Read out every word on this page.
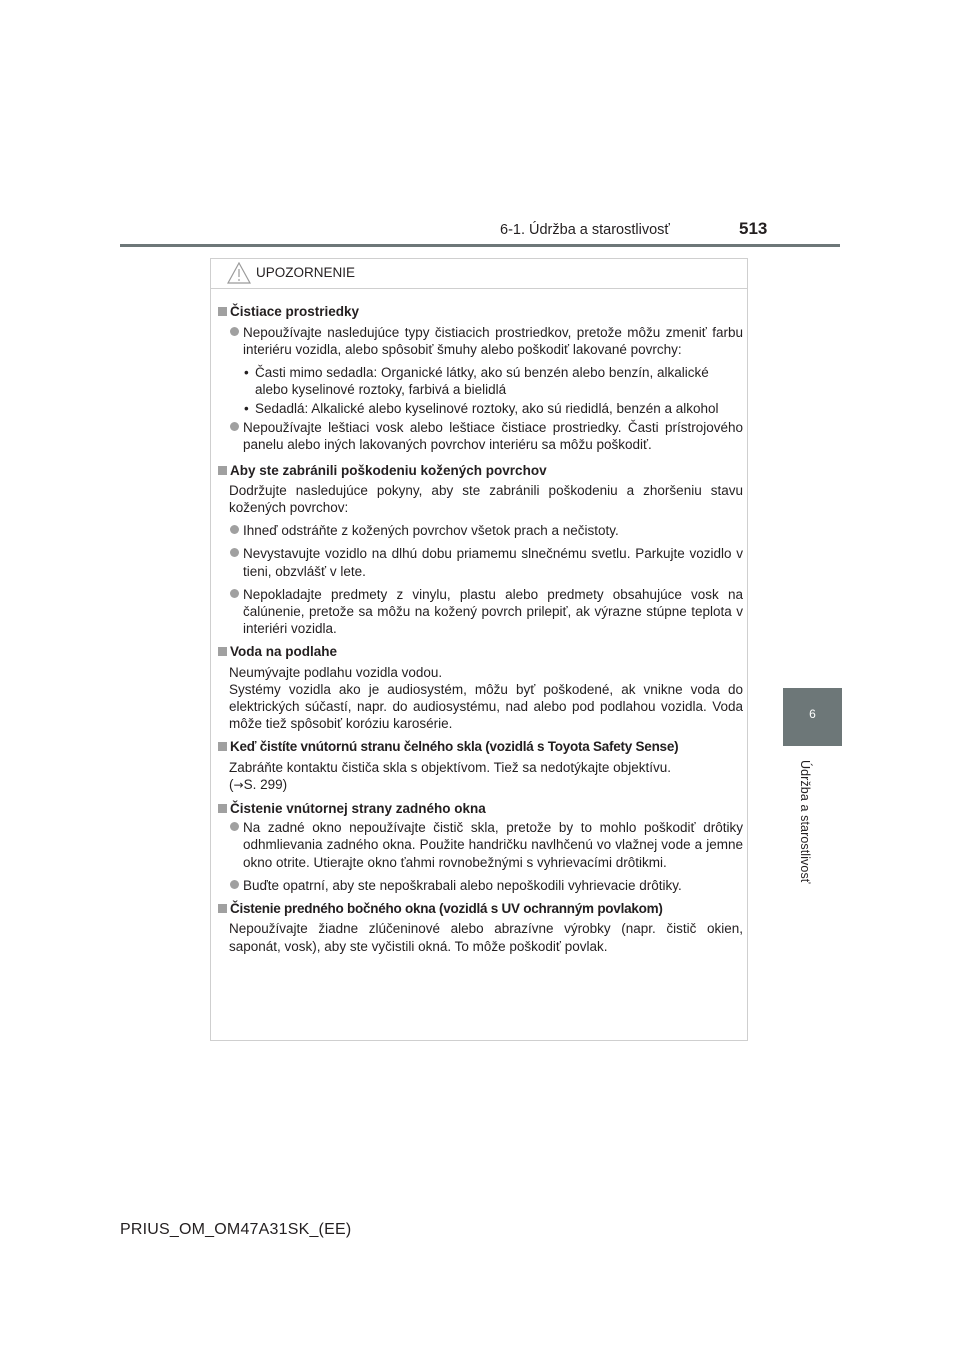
6-1. Údržba a starostlivosť	513
6
Údržba a starostlivosť
UPOZORNENIE
Čistiace prostriedky
Nepoužívajte nasledujúce typy čistiacich prostriedkov, pretože môžu zmeniť farbu interiéru vozidla, alebo spôsobiť šmuhy alebo poškodiť lakované povrchy:
• Časti mimo sedadla: Organické látky, ako sú benzén alebo benzín, alkalické alebo kyselinové roztoky, farbivá a bielidlá
• Sedadlá: Alkalické alebo kyselinové roztoky, ako sú riedidlá, benzén a alkohol
Nepoužívajte leštiaci vosk alebo leštiace čistiace prostriedky. Časti prístrojového panelu alebo iných lakovaných povrchov interiéru sa môžu poškodiť.
Aby ste zabránili poškodeniu kožených povrchov
Dodržujte nasledujúce pokyny, aby ste zabránili poškodeniu a zhoršeniu stavu kožených povrchov:
Ihneď odstráňte z kožených povrchov všetok prach a nečistoty.
Nevystavujte vozidlo na dlhú dobu priamemu slnečnému svetlu. Parkujte vozidlo v tieni, obzvlášť v lete.
Nepokladajte predmety z vinylu, plastu alebo predmety obsahujúce vosk na čalúnenie, pretože sa môžu na kožený povrch prilepiť, ak výrazne stúpne teplota v interiéri vozidla.
Voda na podlahe
Neumývajte podlahu vozidla vodou.
Systémy vozidla ako je audiosystém, môžu byť poškodené, ak vnikne voda do elektrických súčastí, napr. do audiosystému, nad alebo pod podlahou vozidla. Voda môže tiež spôsobiť koróziu karosérie.
Keď čistíte vnútornú stranu čelného skla (vozidlá s Toyota Safety Sense)
Zabráňte kontaktu čističa skla s objektívom. Tiež sa nedotýkajte objektívu.
(→S. 299)
Čistenie vnútornej strany zadného okna
Na zadné okno nepoužívajte čistič skla, pretože by to mohlo poškodiť drôtiky odhmlievania zadného okna. Použite handričku navlhčenú vo vlažnej vode a jemne okno otrite. Utierajte okno ťahmi rovnobežnými s vyhrievacími drôtikmi.
Buďte opatrní, aby ste nepoškrabali alebo nepoškodili vyhrievacie drôtiky.
Čistenie predného bočného okna (vozidlá s UV ochranným povlakom)
Nepoužívajte žiadne zlúčeninové alebo abrazívne výrobky (napr. čistič okien, saponát, vosk), aby ste vyčistili okná. To môže poškodiť povlak.
PRIUS_OM_OM47A31SK_(EE)
